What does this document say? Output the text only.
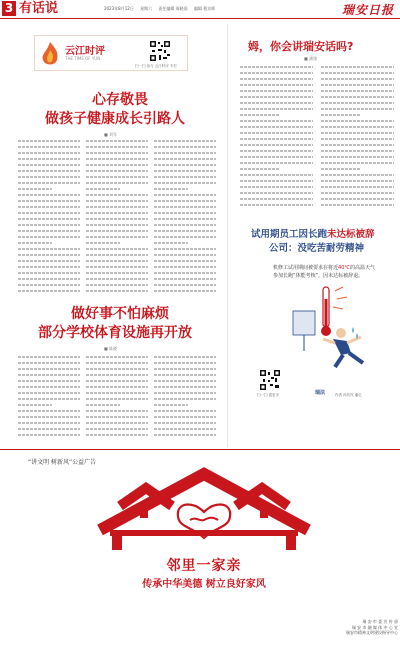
3 有话说	2023年8月12日 星期六 责任编辑 周晓雨 编辑 曹京晖	瑞安日报
云江时评
THE TIME OF YUN
扫一扫 参与 云江时评 专栏
心存敬畏
做孩子健康成长引路人
■ 刘军
做好事不怕麻烦
部分学校体育设施再开放
■ 陈晓
姆，你会讲瑞安话吗?
■ 潘建
试用期员工因长跑未达标被辞
公司：没吃苦耐劳精神
机修工试用期间被要求在将近40℃的高温天气参加长跑“体能考核”，因未达标被辞退。
扫一扫 看更多	瑞法	作者 孙玫玫 潘亿
“讲文明 树新风”公益广告
邻里一家亲
传承中华美德 树立良好家风
瑞 安 市 委 宣 传 部
瑞 安 市 融 媒 体 中 心 宣
瑞安市精神文明建设指导中心
